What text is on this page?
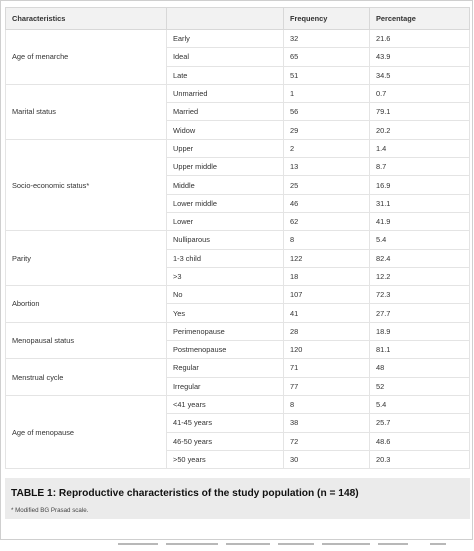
Characteristics		Frequency	Percentage
Age of menarche	Early	32	21.6
	Ideal	65	43.9
	Late	51	34.5
Marital status	Unmarried	1	0.7
	Married	56	79.1
	Widow	29	20.2
Socio-economic status*	Upper	2	1.4
	Upper middle	13	8.7
	Middle	25	16.9
	Lower middle	46	31.1
	Lower	62	41.9
Parity	Nulliparous	8	5.4
	1-3 child	122	82.4
	>3	18	12.2
Abortion	No	107	72.3
	Yes	41	27.7
Menopausal status	Perimenopause	28	18.9
	Postmenopause	120	81.1
Menstrual cycle	Regular	71	48
	Irregular	77	52
Age of menopause	<41 years	8	5.4
	41-45 years	38	25.7
	46-50 years	72	48.6
	>50 years	30	20.3
TABLE 1: Reproductive characteristics of the study population (n = 148)
* Modified BG Prasad scale.
